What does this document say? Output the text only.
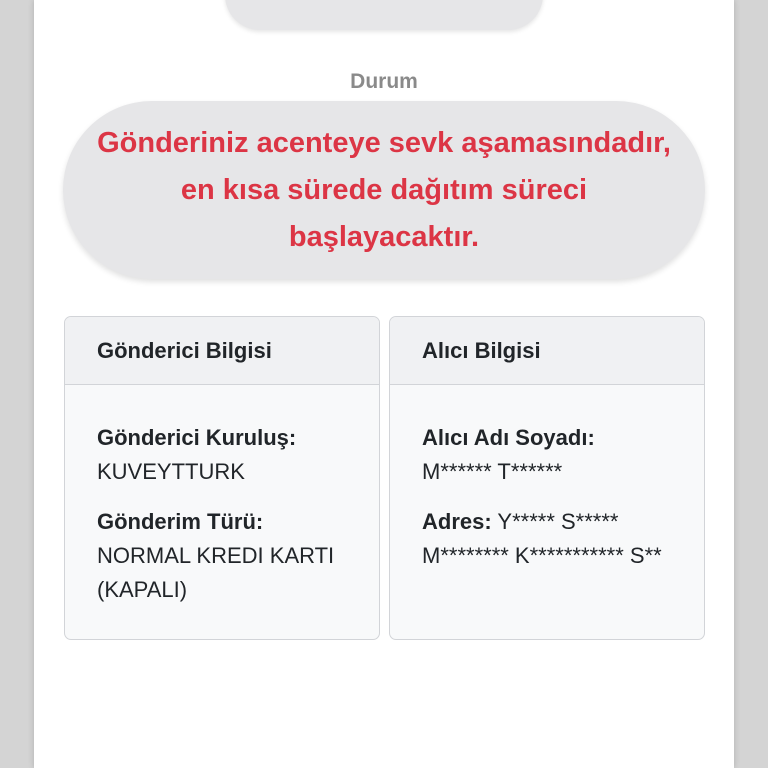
Durum
Gönderiniz acenteye sevk aşamasındadır, en kısa sürede dağıtım süreci başlayacaktır.
Gönderici Bilgisi
Gönderici Kuruluş:
KUVEYTTURK
Gönderim Türü:
NORMAL KREDI KARTI (KAPALI)
Alıcı Bilgisi
Alıcı Adı Soyadı:
M****** T******
Adres: Y***** S***** M******** K*********** S**
